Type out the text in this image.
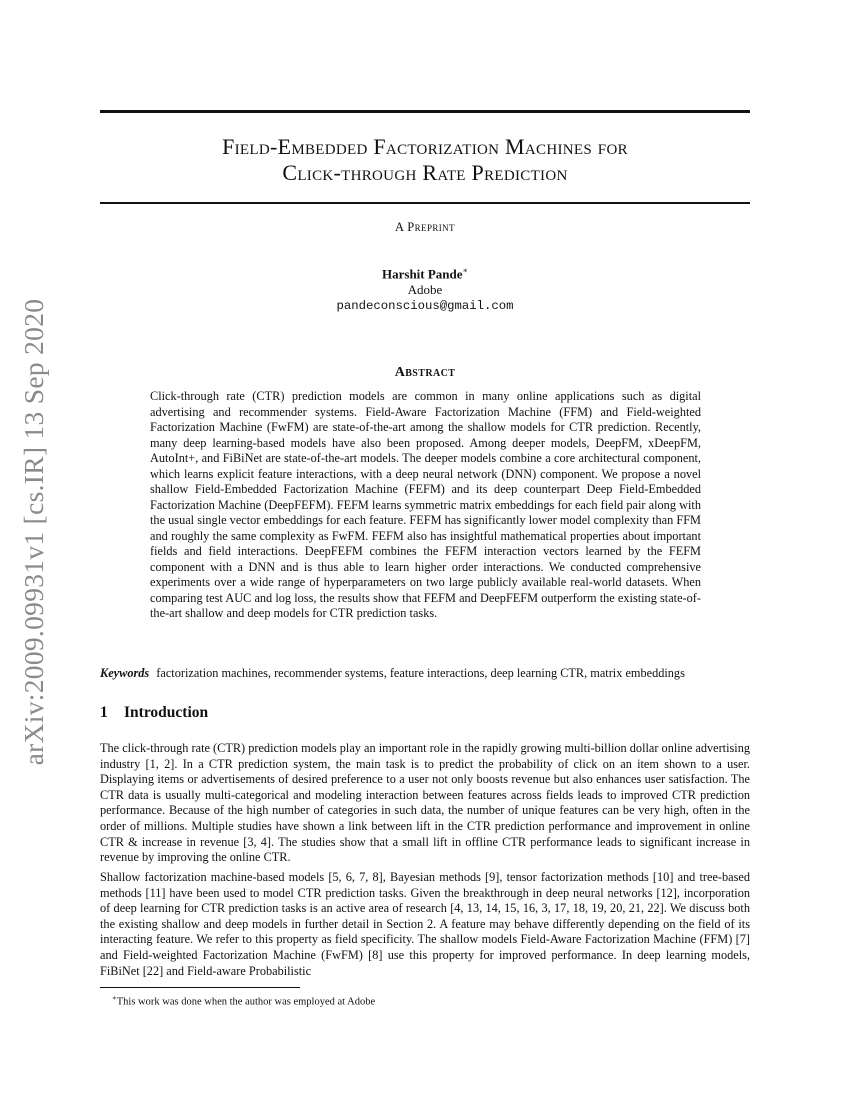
arXiv:2009.09931v1 [cs.IR] 13 Sep 2020
Field-Embedded Factorization Machines for
Click-through Rate Prediction
A Preprint
Harshit Pande∗
Adobe
pandeconscious@gmail.com
Abstract
Click-through rate (CTR) prediction models are common in many online applications such as digital advertising and recommender systems. Field-Aware Factorization Machine (FFM) and Field-weighted Factorization Machine (FwFM) are state-of-the-art among the shallow models for CTR prediction. Recently, many deep learning-based models have also been proposed. Among deeper models, DeepFM, xDeepFM, AutoInt+, and FiBiNet are state-of-the-art models. The deeper models combine a core architectural component, which learns explicit feature interactions, with a deep neural network (DNN) component. We propose a novel shallow Field-Embedded Factorization Machine (FEFM) and its deep counterpart Deep Field-Embedded Factorization Machine (DeepFEFM). FEFM learns symmetric matrix embeddings for each field pair along with the usual single vector embeddings for each feature. FEFM has significantly lower model complexity than FFM and roughly the same complexity as FwFM. FEFM also has insightful mathematical properties about important fields and field interactions. DeepFEFM combines the FEFM interaction vectors learned by the FEFM component with a DNN and is thus able to learn higher order interactions. We conducted comprehensive experiments over a wide range of hyperparameters on two large publicly available real-world datasets. When comparing test AUC and log loss, the results show that FEFM and DeepFEFM outperform the existing state-of-the-art shallow and deep models for CTR prediction tasks.
Keywords factorization machines, recommender systems, feature interactions, deep learning CTR, matrix embeddings
1 Introduction
The click-through rate (CTR) prediction models play an important role in the rapidly growing multi-billion dollar online advertising industry [1, 2]. In a CTR prediction system, the main task is to predict the probability of click on an item shown to a user. Displaying items or advertisements of desired preference to a user not only boosts revenue but also enhances user satisfaction. The CTR data is usually multi-categorical and modeling interaction between features across fields leads to improved CTR prediction performance. Because of the high number of categories in such data, the number of unique features can be very high, often in the order of millions. Multiple studies have shown a link between lift in the CTR prediction performance and improvement in online CTR & increase in revenue [3, 4]. The studies show that a small lift in offline CTR performance leads to significant increase in revenue by improving the online CTR.
Shallow factorization machine-based models [5, 6, 7, 8], Bayesian methods [9], tensor factorization methods [10] and tree-based methods [11] have been used to model CTR prediction tasks. Given the breakthrough in deep neural networks [12], incorporation of deep learning for CTR prediction tasks is an active area of research [4, 13, 14, 15, 16, 3, 17, 18, 19, 20, 21, 22]. We discuss both the existing shallow and deep models in further detail in Section 2. A feature may behave differently depending on the field of its interacting feature. We refer to this property as field specificity. The shallow models Field-Aware Factorization Machine (FFM) [7] and Field-weighted Factorization Machine (FwFM) [8] use this property for improved performance. In deep learning models, FiBiNet [22] and Field-aware Probabilistic
∗This work was done when the author was employed at Adobe
